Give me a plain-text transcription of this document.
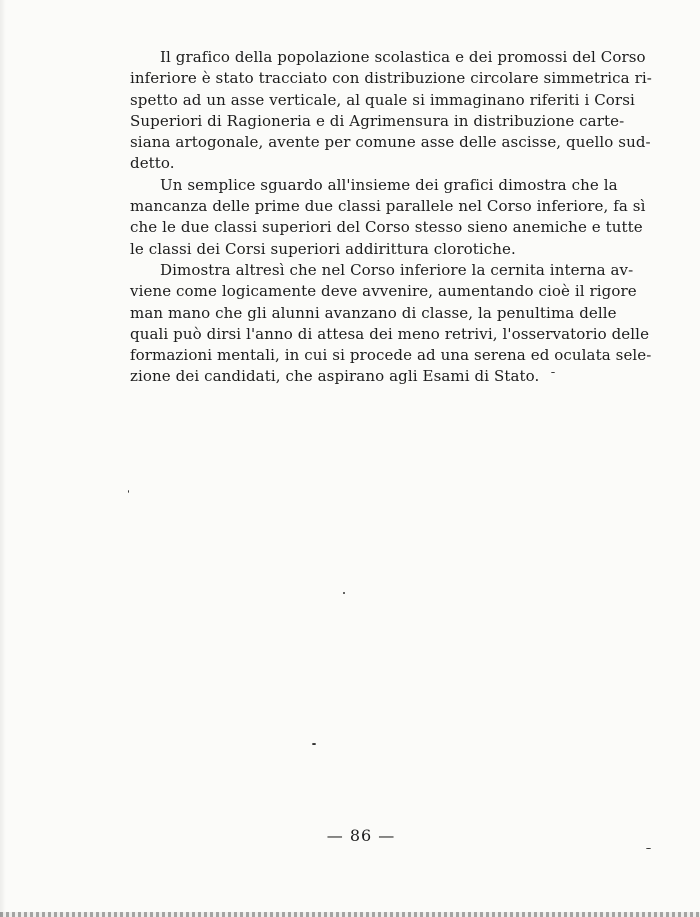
Il grafico della popolazione scolastica e dei promossi del Corso
inferiore è stato tracciato con distribuzione circolare simmetrica ri-
spetto ad un asse verticale, al quale si immaginano riferiti i Corsi
Superiori di Ragioneria e di Agrimensura in distribuzione carte-
siana artogonale, avente per comune asse delle ascisse, quello sud-
detto.

Un semplice sguardo all'insieme dei grafici dimostra che la
mancanza delle prime due classi parallele nel Corso inferiore, fa sì
che le due classi superiori del Corso stesso sieno anemiche e tutte
le classi dei Corsi superiori addirittura clorotiche.

Dimostra altresì che nel Corso inferiore la cernita interna av-
viene come logicamente deve avvenire, aumentando cioè il rigore
man mano che gli alunni avanzano di classe, la penultima delle
quali può dirsi l'anno di attesa dei meno retrivi, l'osservatorio delle
formazioni mentali, in cui si procede ad una serena ed oculata sele-
zione dei candidati, che aspirano agli Esami di Stato.

— 86 —
